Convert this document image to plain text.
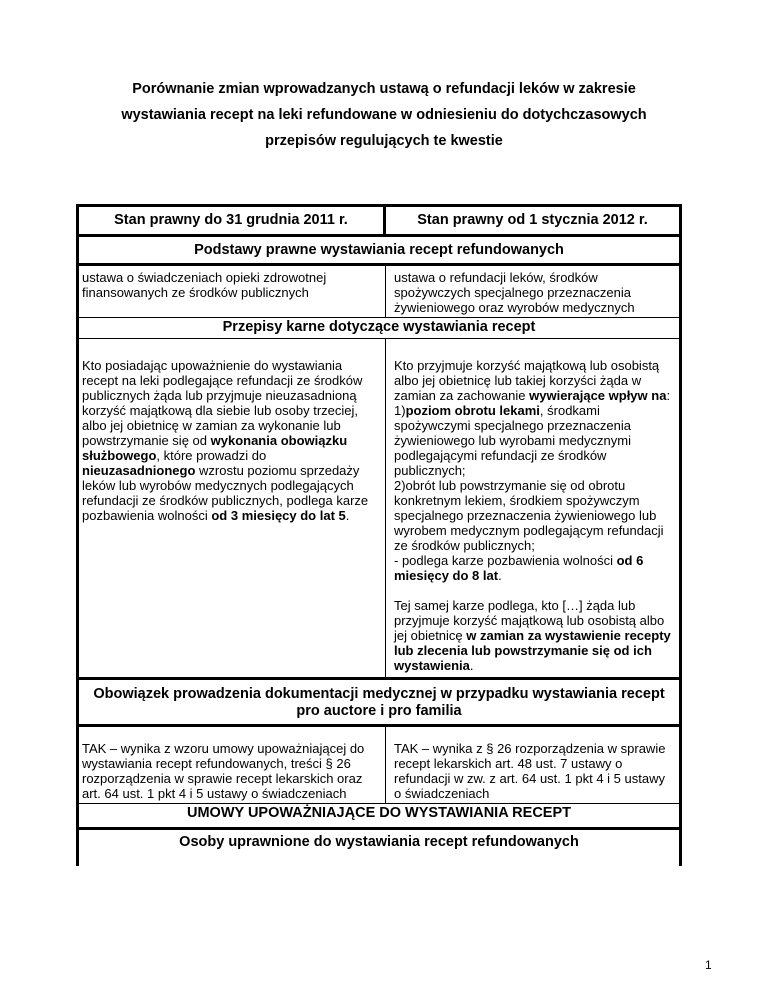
Porównanie zmian wprowadzanych ustawą o refundacji leków w zakresie
wystawiania recept na leki refundowane w odniesieniu do dotychczasowych
przepisów regulujących te kwestie
Stan prawny do 31 grudnia 2011 r.	Stan prawny od 1 stycznia 2012 r.
Podstawy prawne wystawiania recept refundowanych
ustawa o świadczeniach opieki zdrowotnej finansowanych ze środków publicznych
ustawa o refundacji leków, środków spożywczych specjalnego przeznaczenia żywieniowego oraz wyrobów medycznych
Przepisy karne dotyczące wystawiania recept

Kto posiadając upoważnienie do wystawiania recept na leki podlegające refundacji ze środków publicznych żąda lub przyjmuje nieuzasadnioną korzyść majątkową dla siebie lub osoby trzeciej, albo jej obietnicę w zamian za wykonanie lub powstrzymanie się od wykonania obowiązku służbowego, które prowadzi do nieuzasadnionego wzrostu poziomu sprzedaży leków lub wyrobów medycznych podlegających refundacji ze środków publicznych, podlega karze pozbawienia wolności od 3 miesięcy do lat 5.

Kto przyjmuje korzyść majątkową lub osobistą albo jej obietnicę lub takiej korzyści żąda w zamian za zachowanie wywierające wpływ na:

1)poziom obrotu lekami, środkami spożywczymi specjalnego przeznaczenia żywieniowego lub wyrobami medycznymi podlegającymi refundacji ze środków publicznych;

2)obrót lub powstrzymanie się od obrotu konkretnym lekiem, środkiem spożywczym specjalnego przeznaczenia żywieniowego lub wyrobem medycznym podlegającym refundacji ze środków publicznych;

- podlega karze pozbawienia wolności od 6 miesięcy do 8 lat.

Tej samej karze podlega, kto […] żąda lub przyjmuje korzyść majątkową lub osobistą albo jej obietnicę w zamian za wystawienie recepty lub zlecenia lub powstrzymanie się od ich wystawienia.

Obowiązek prowadzenia dokumentacji medycznej w przypadku wystawiania recept pro auctore i pro familia
TAK – wynika z wzoru umowy upoważniającej do wystawiania recept refundowanych, treści § 26 rozporządzenia w sprawie recept lekarskich oraz art. 64 ust. 1 pkt 4 i 5 ustawy o świadczeniach
TAK – wynika z § 26 rozporządzenia w sprawie recept lekarskich art. 48 ust. 7 ustawy o refundacji w zw. z art. 64 ust. 1 pkt 4 i 5 ustawy o świadczeniach
UMOWY UPOWAŻNIAJĄCE DO WYSTAWIANIA RECEPT
Osoby uprawnione do wystawiania recept refundowanych
1
